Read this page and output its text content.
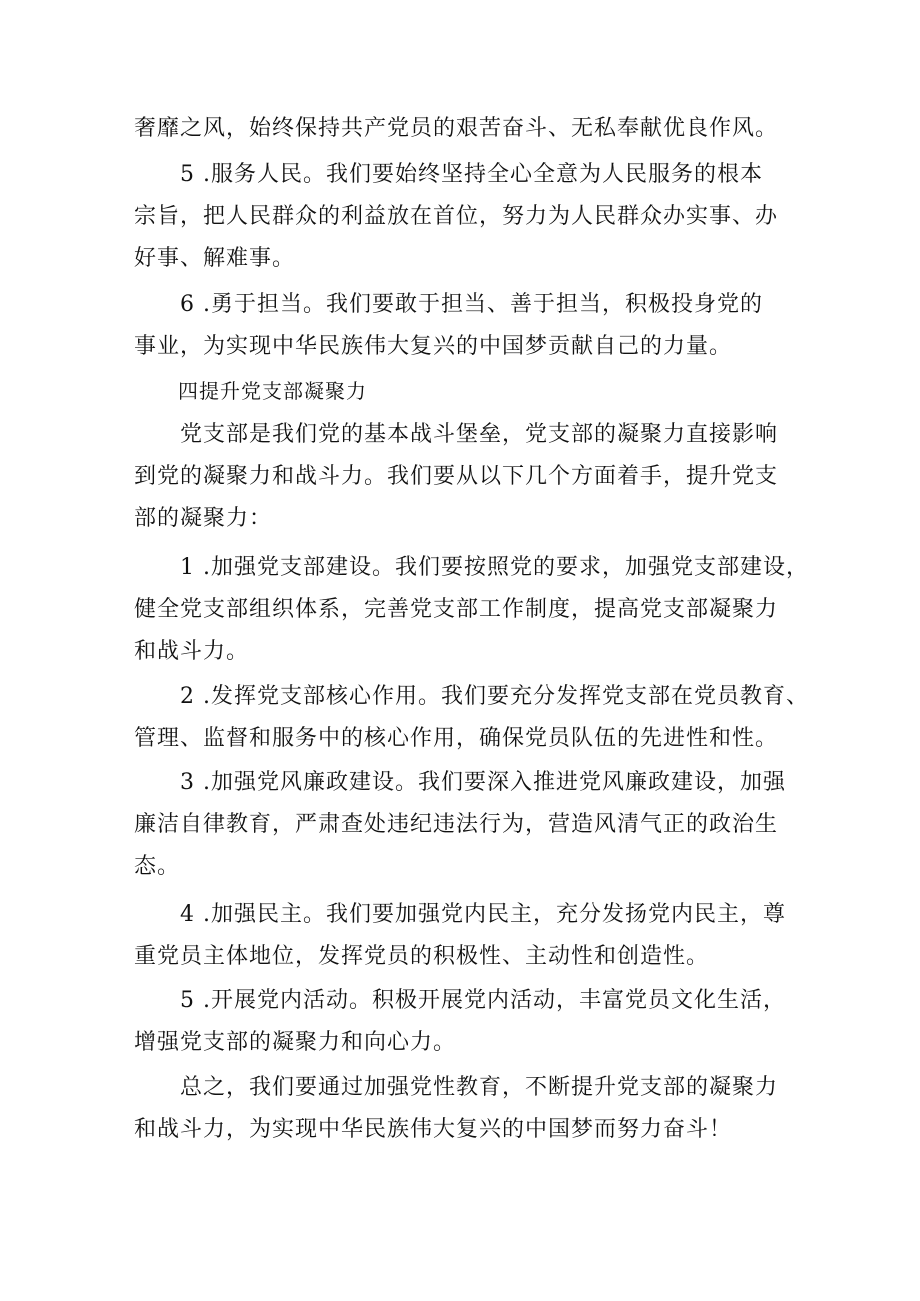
奢靡之风，始终保持共产党员的艰苦奋斗、无私奉献优良作风。

5 .服务人民。我们要始终坚持全心全意为人民服务的根本
宗旨，把人民群众的利益放在首位，努力为人民群众办实事、办
好事、解难事。

6 .勇于担当。我们要敢于担当、善于担当，积极投身党的
事业，为实现中华民族伟大复兴的中国梦贡献自己的力量。

四提升党支部凝聚力

党支部是我们党的基本战斗堡垒，党支部的凝聚力直接影响
到党的凝聚力和战斗力。我们要从以下几个方面着手，提升党支
部的凝聚力：

1 .加强党支部建设。我们要按照党的要求，加强党支部建设，
健全党支部组织体系，完善党支部工作制度，提高党支部凝聚力
和战斗力。

2 .发挥党支部核心作用。我们要充分发挥党支部在党员教育、
管理、监督和服务中的核心作用，确保党员队伍的先进性和性。

3 .加强党风廉政建设。我们要深入推进党风廉政建设，加强
廉洁自律教育，严肃查处违纪违法行为，营造风清气正的政治生
态。

4 .加强民主。我们要加强党内民主，充分发扬党内民主，尊
重党员主体地位，发挥党员的积极性、主动性和创造性。

5 .开展党内活动。积极开展党内活动，丰富党员文化生活，
增强党支部的凝聚力和向心力。

总之，我们要通过加强党性教育，不断提升党支部的凝聚力
和战斗力，为实现中华民族伟大复兴的中国梦而努力奋斗！
